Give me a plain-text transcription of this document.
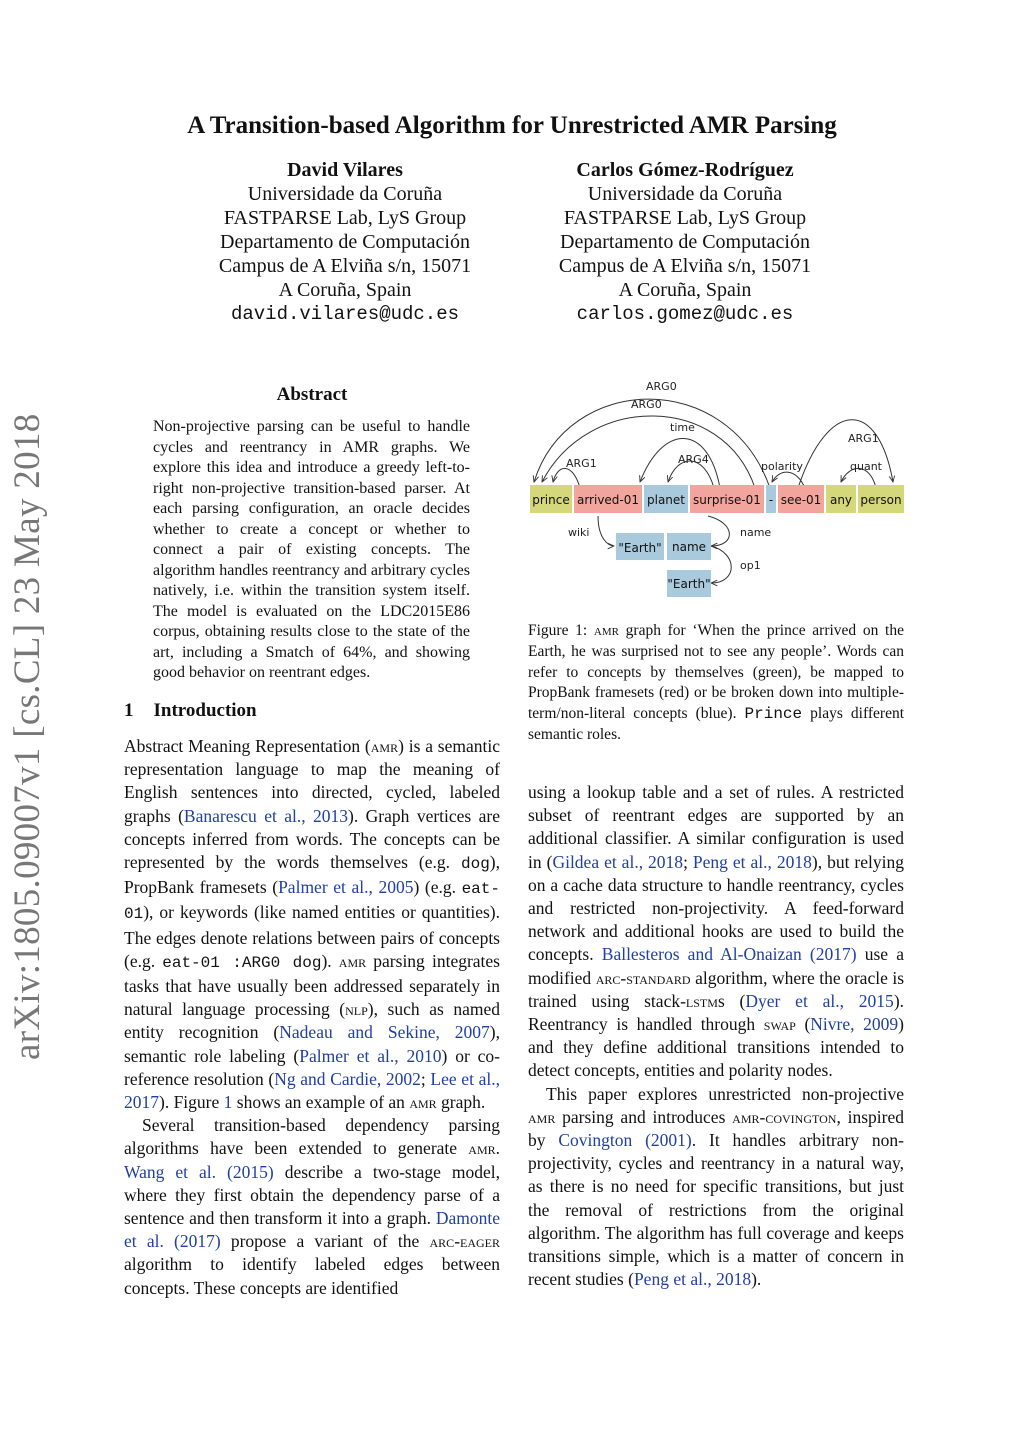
arXiv:1805.09007v1 [cs.CL] 23 May 2018
A Transition-based Algorithm for Unrestricted AMR Parsing
David Vilares
Universidade da Coruña
FASTPARSE Lab, LyS Group
Departamento de Computación
Campus de A Elviña s/n, 15071
A Coruña, Spain
david.vilares@udc.es
Carlos Gómez-Rodríguez
Universidade da Coruña
FASTPARSE Lab, LyS Group
Departamento de Computación
Campus de A Elviña s/n, 15071
A Coruña, Spain
carlos.gomez@udc.es
Abstract
Non-projective parsing can be useful to handle cycles and reentrancy in AMR graphs. We explore this idea and introduce a greedy left-to-right non-projective transition-based parser. At each parsing configuration, an oracle decides whether to create a concept or whether to connect a pair of existing concepts. The algorithm handles reentrancy and arbitrary cycles natively, i.e. within the transition system itself. The model is evaluated on the LDC2015E86 corpus, obtaining results close to the state of the art, including a Smatch of 64%, and showing good behavior on reentrant edges.
1 Introduction

Abstract Meaning Representation (amr) is a semantic representation language to map the meaning of English sentences into directed, cycled, labeled graphs (Banarescu et al., 2013). Graph vertices are concepts inferred from words. The concepts can be represented by the words themselves (e.g. dog), PropBank framesets (Palmer et al., 2005) (e.g. eat-01), or keywords (like named entities or quantities). The edges denote relations between pairs of concepts (e.g. eat-01 :ARG0 dog). amr parsing integrates tasks that have usually been addressed separately in natural language processing (nlp), such as named entity recognition (Nadeau and Sekine, 2007), semantic role labeling (Palmer et al., 2010) or co-reference resolution (Ng and Cardie, 2002; Lee et al., 2017). Figure 1 shows an example of an amr graph.

Several transition-based dependency parsing algorithms have been extended to generate amr. Wang et al. (2015) describe a two-stage model, where they first obtain the dependency parse of a sentence and then transform it into a graph. Damonte et al. (2017) propose a variant of the arc-eager algorithm to identify labeled edges between concepts. These concepts are identified

using a lookup table and a set of rules. A restricted subset of reentrant edges are supported by an additional classifier. A similar configuration is used in (Gildea et al., 2018; Peng et al., 2018), but relying on a cache data structure to handle reentrancy, cycles and restricted non-projectivity. A feed-forward network and additional hooks are used to build the concepts. Ballesteros and Al-Onaizan (2017) use a modified arc-standard algorithm, where the oracle is trained using stack-lstms (Dyer et al., 2015). Reentrancy is handled through swap (Nivre, 2009) and they define additional transitions intended to detect concepts, entities and polarity nodes.

This paper explores unrestricted non-projective amr parsing and introduces amr-covington, inspired by Covington (2001). It handles arbitrary non-projectivity, cycles and reentrancy in a natural way, as there is no need for specific transitions, but just the removal of restrictions from the original algorithm. The algorithm has full coverage and keeps transitions simple, which is a matter of concern in recent studies (Peng et al., 2018).

ARG0
ARG0
time
ARG1
ARG4
ARG1	polarity	quant
wiki	name
op1
prince arrived-01 planet surprise-01 - see-01 any person
"Earth" name
"Earth"
Figure 1: amr graph for ‘When the prince arrived on the Earth, he was surprised not to see any people’. Words can refer to concepts by themselves (green), be mapped to PropBank framesets (red) or be broken down into multiple-term/non-literal concepts (blue). Prince plays different semantic roles.
